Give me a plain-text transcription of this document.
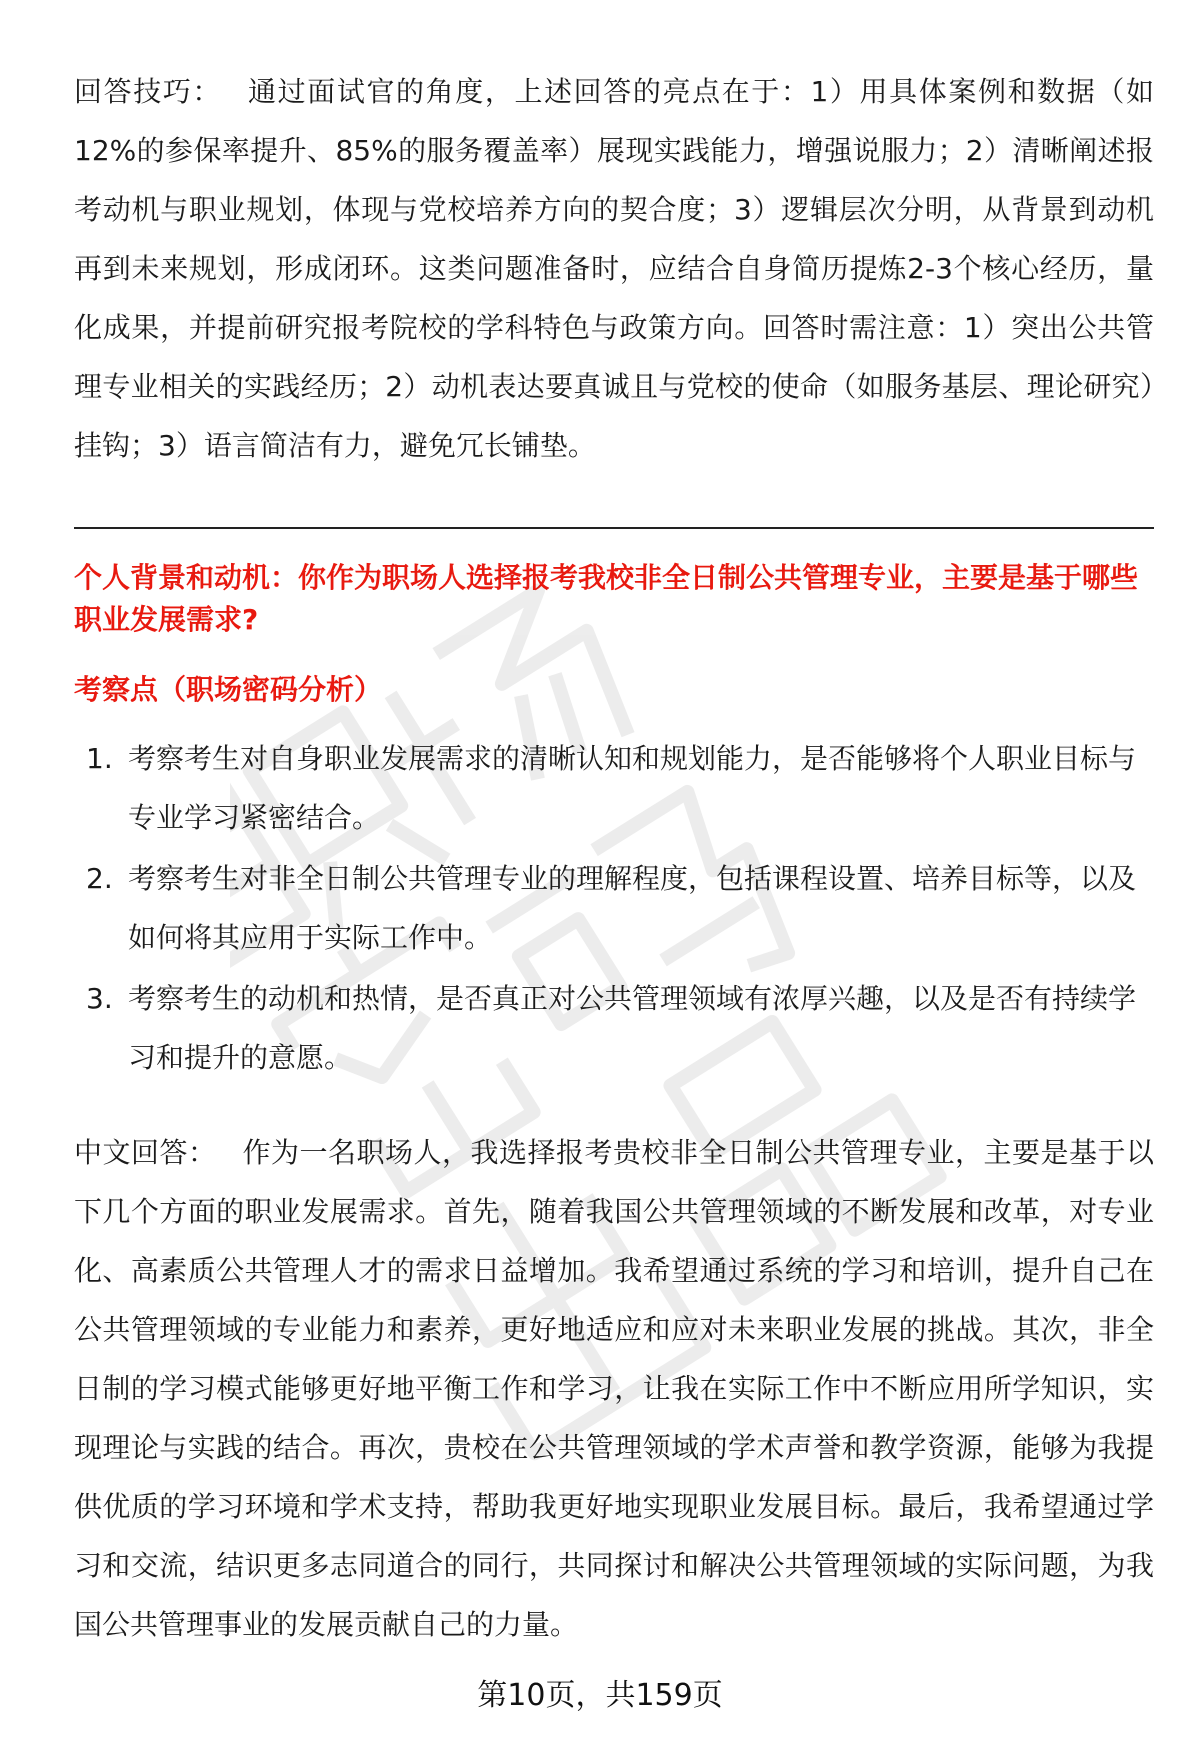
回答技巧： 通过面试官的角度，上述回答的亮点在于：1）用具体案例和数据（如12%的参保率提升、85%的服务覆盖率）展现实践能力，增强说服力；2）清晰阐述报考动机与职业规划，体现与党校培养方向的契合度；3）逻辑层次分明，从背景到动机再到未来规划，形成闭环。这类问题准备时，应结合自身简历提炼2-3个核心经历，量化成果，并提前研究报考院校的学科特色与政策方向。回答时需注意：1）突出公共管理专业相关的实践经历；2）动机表达要真诚且与党校的使命（如服务基层、理论研究）挂钩；3）语言简洁有力，避免冗长铺垫。

个人背景和动机：你作为职场人选择报考我校非全日制公共管理专业，主要是基于哪些职业发展需求?

考察点（职场密码分析）

1. 考察考生对自身职业发展需求的清晰认知和规划能力，是否能够将个人职业目标与专业学习紧密结合。
2. 考察考生对非全日制公共管理专业的理解程度，包括课程设置、培养目标等，以及如何将其应用于实际工作中。
3. 考察考生的动机和热情，是否真正对公共管理领域有浓厚兴趣，以及是否有持续学习和提升的意愿。

中文回答： 作为一名职场人，我选择报考贵校非全日制公共管理专业，主要是基于以下几个方面的职业发展需求。首先，随着我国公共管理领域的不断发展和改革，对专业化、高素质公共管理人才的需求日益增加。我希望通过系统的学习和培训，提升自己在公共管理领域的专业能力和素养，更好地适应和应对未来职业发展的挑战。其次，非全日制的学习模式能够更好地平衡工作和学习，让我在实际工作中不断应用所学知识，实现理论与实践的结合。再次，贵校在公共管理领域的学术声誉和教学资源，能够为我提供优质的学习环境和学术支持，帮助我更好地实现职业发展目标。最后，我希望通过学习和交流，结识更多志同道合的同行，共同探讨和解决公共管理领域的实际问题，为我国公共管理事业的发展贡献自己的力量。

第10页，共159页
